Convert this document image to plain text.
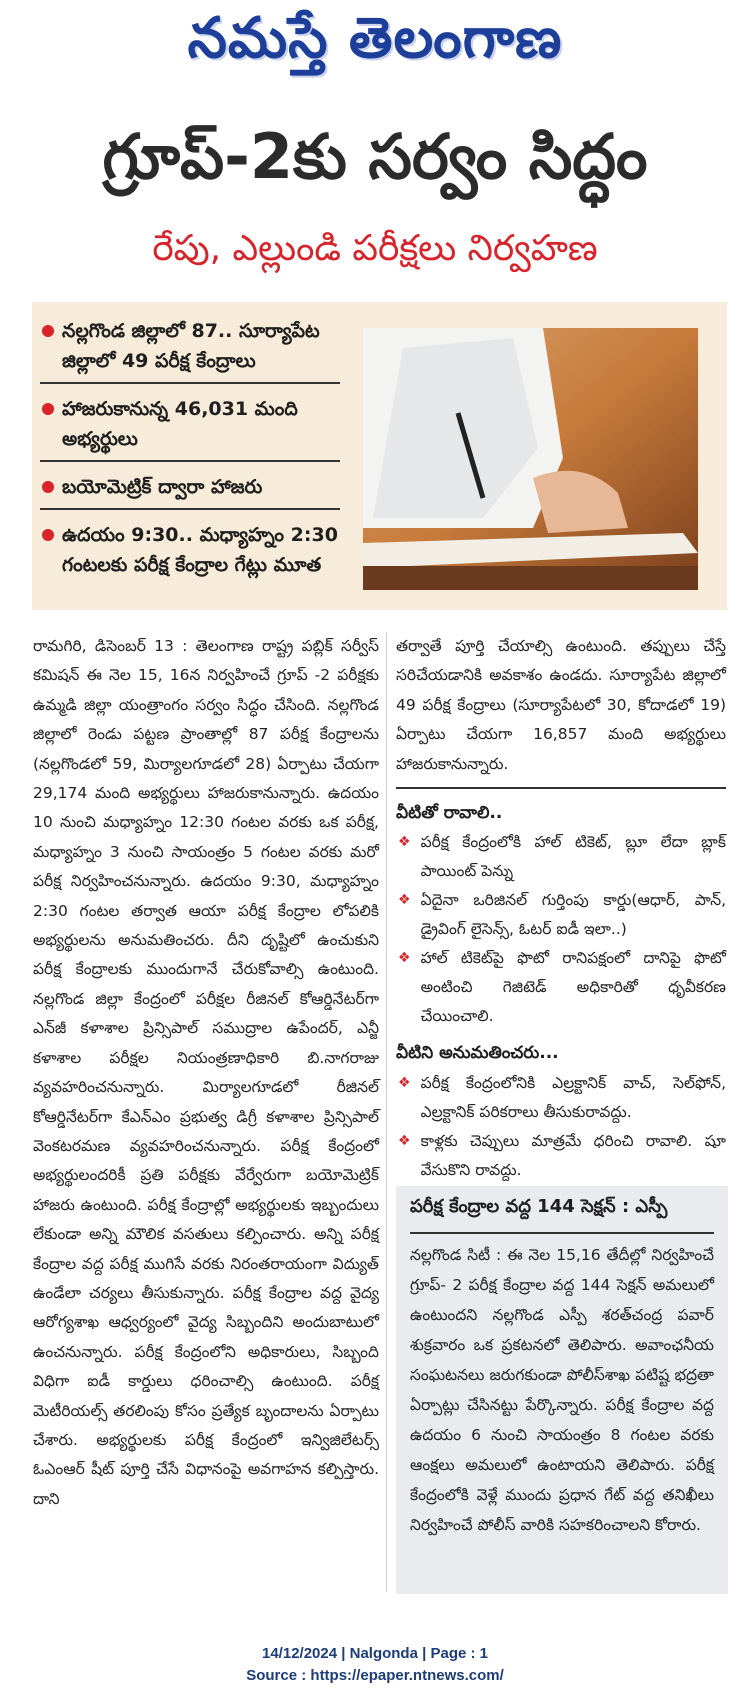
నమస్తే తెలంగాణ
గ్రూప్-2కు సర్వం సిద్ధం
రేపు, ఎల్లుండి పరీక్షలు నిర్వహణ
నల్లగొండ జిల్లాలో 87.. సూర్యాపేట జిల్లాలో 49 పరీక్ష కేంద్రాలు
హాజరుకానున్న 46,031 మంది అభ్యర్థులు
బయోమెట్రిక్ ద్వారా హాజరు
ఉదయం 9:30.. మధ్యాహ్నం 2:30 గంటలకు పరీక్ష కేంద్రాల గేట్లు మూత

రామగిరి, డిసెంబర్ 13 : తెలంగాణ రాష్ట్ర పబ్లిక్ సర్వీస్ కమిషన్ ఈ నెల 15, 16న నిర్వహించే గ్రూప్ -2 పరీక్షకు ఉమ్మడి జిల్లా యంత్రాంగం సర్వం సిద్ధం చేసింది. నల్లగొండ జిల్లాలో రెండు పట్టణ ప్రాంతాల్లో 87 పరీక్ష కేంద్రాలను (నల్లగొండలో 59, మిర్యాలగూడలో 28) ఏర్పాటు చేయగా 29,174 మంది అభ్యర్థులు హాజరుకానున్నారు. ఉదయం 10 నుంచి మధ్యాహ్నం 12:30 గంటల వరకు ఒక పరీక్ష, మధ్యాహ్నం 3 నుంచి సాయంత్రం 5 గంటల వరకు మరో పరీక్ష నిర్వహించనున్నారు. ఉదయం 9:30, మధ్యాహ్నం 2:30 గంటల తర్వాత ఆయా పరీక్ష కేంద్రాల లోపలికి అభ్యర్థులను అనుమతించరు. దీని దృష్టిలో ఉంచుకుని పరీక్ష కేంద్రాలకు ముందుగానే చేరుకోవాల్సి ఉంటుంది. నల్లగొండ జిల్లా కేంద్రంలో పరీక్షల రీజినల్ కోఆర్డినేటర్‌గా ఎన్‌జీ కళాశాల ప్రిన్సిపాల్ సముద్రాల ఉపేందర్, ఎన్జీ కళాశాల పరీక్షల నియంత్రణాధికారి బి.నాగరాజు వ్యవహరించనున్నారు. మిర్యాలగూడలో రీజినల్ కోఆర్డినేటర్‌గా కేఎన్ఎం ప్రభుత్వ డిగ్రీ కళాశాల ప్రిన్సిపాల్ వెంకటరమణ వ్యవహరించనున్నారు. పరీక్ష కేంద్రంలో అభ్యర్థులందరికీ ప్రతి పరీక్షకు వేర్వేరుగా బయోమెట్రిక్ హాజరు ఉంటుంది. పరీక్ష కేంద్రాల్లో అభ్యర్థులకు ఇబ్బందులు లేకుండా అన్ని మౌలిక వసతులు కల్పించారు. అన్ని పరీక్ష కేంద్రాల వద్ద పరీక్ష ముగిసే వరకు నిరంతరాయంగా విద్యుత్ ఉండేలా చర్యలు తీసుకున్నారు. పరీక్ష కేంద్రాల వద్ద వైద్య ఆరోగ్యశాఖ ఆధ్వర్యంలో వైద్య సిబ్బందిని అందుబాటులో ఉంచనున్నారు. పరీక్ష కేంద్రంలోని అధికారులు, సిబ్బంది విధిగా ఐడీ కార్డులు ధరించాల్సి ఉంటుంది. పరీక్ష మెటీరియల్స్ తరలింపు కోసం ప్రత్యేక బృందాలను ఏర్పాటు చేశారు. అభ్యర్థులకు పరీక్ష కేంద్రంలో ఇన్విజిలేటర్స్ ఓఎంఆర్ షీట్ పూర్తి చేసే విధానంపై అవగాహన కల్పిస్తారు. దాని

తర్వాతే పూర్తి చేయాల్సి ఉంటుంది. తప్పులు చేస్తే సరిచేయడానికి అవకాశం ఉండదు. సూర్యాపేట జిల్లాలో 49 పరీక్ష కేంద్రాలు (సూర్యాపేటలో 30, కోదాడలో 19) ఏర్పాటు చేయగా 16,857 మంది అభ్యర్థులు హాజరుకానున్నారు.

వీటితో రావాలి..
❖ పరీక్ష కేంద్రంలోకి హాల్ టికెట్, బ్లూ లేదా బ్లాక్ పాయింట్ పెన్ను
❖ ఏదైనా ఒరిజినల్ గుర్తింపు కార్డు(ఆధార్, పాన్, డ్రైవింగ్ లైసెన్స్, ఓటర్ ఐడీ ఇలా..)
❖ హాల్ టికెట్‌పై ఫొటో రానిపక్షంలో దానిపై ఫొటో అంటించి గెజిటెడ్ అధికారితో ధృవీకరణ చేయించాలి.
వీటిని అనుమతించరు...
❖ పరీక్ష కేంద్రంలోనికి ఎల్రక్టానిక్ వాచ్, సెల్‌ఫోన్, ఎల్రక్టానిక్ పరికరాలు తీసుకురావద్దు.
❖ కాళ్లకు చెప్పులు మాత్రమే ధరించి రావాలి. షూ వేసుకొని రావద్దు.
పరీక్ష కేంద్రాల వద్ద 144 సెక్షన్ : ఎస్పీ
నల్లగొండ సిటీ : ఈ నెల 15,16 తేదీల్లో నిర్వహించే గ్రూప్- 2 పరీక్ష కేంద్రాల వద్ద 144 సెక్షన్ అమలులో ఉంటుందని నల్లగొండ ఎస్పీ శరత్‌చంద్ర పవార్ శుక్రవారం ఒక ప్రకటనలో తెలిపారు. అవాంఛనీయ సంఘటనలు జరుగకుండా పోలీస్‌శాఖ పటిష్ట భద్రతా ఏర్పాట్లు చేసినట్టు పేర్కొన్నారు. పరీక్ష కేంద్రాల వద్ద ఉదయం 6 నుంచి సాయంత్రం 8 గంటల వరకు ఆంక్షలు అమలులో ఉంటాయని తెలిపారు. పరీక్ష కేంద్రంలోకి వెళ్లే ముందు ప్రధాన గేట్ వద్ద తనిఖీలు నిర్వహించే పోలీస్ వారికి సహకరించాలని కోరారు.
14/12/2024 | Nalgonda | Page : 1
Source : https://epaper.ntnews.com/
